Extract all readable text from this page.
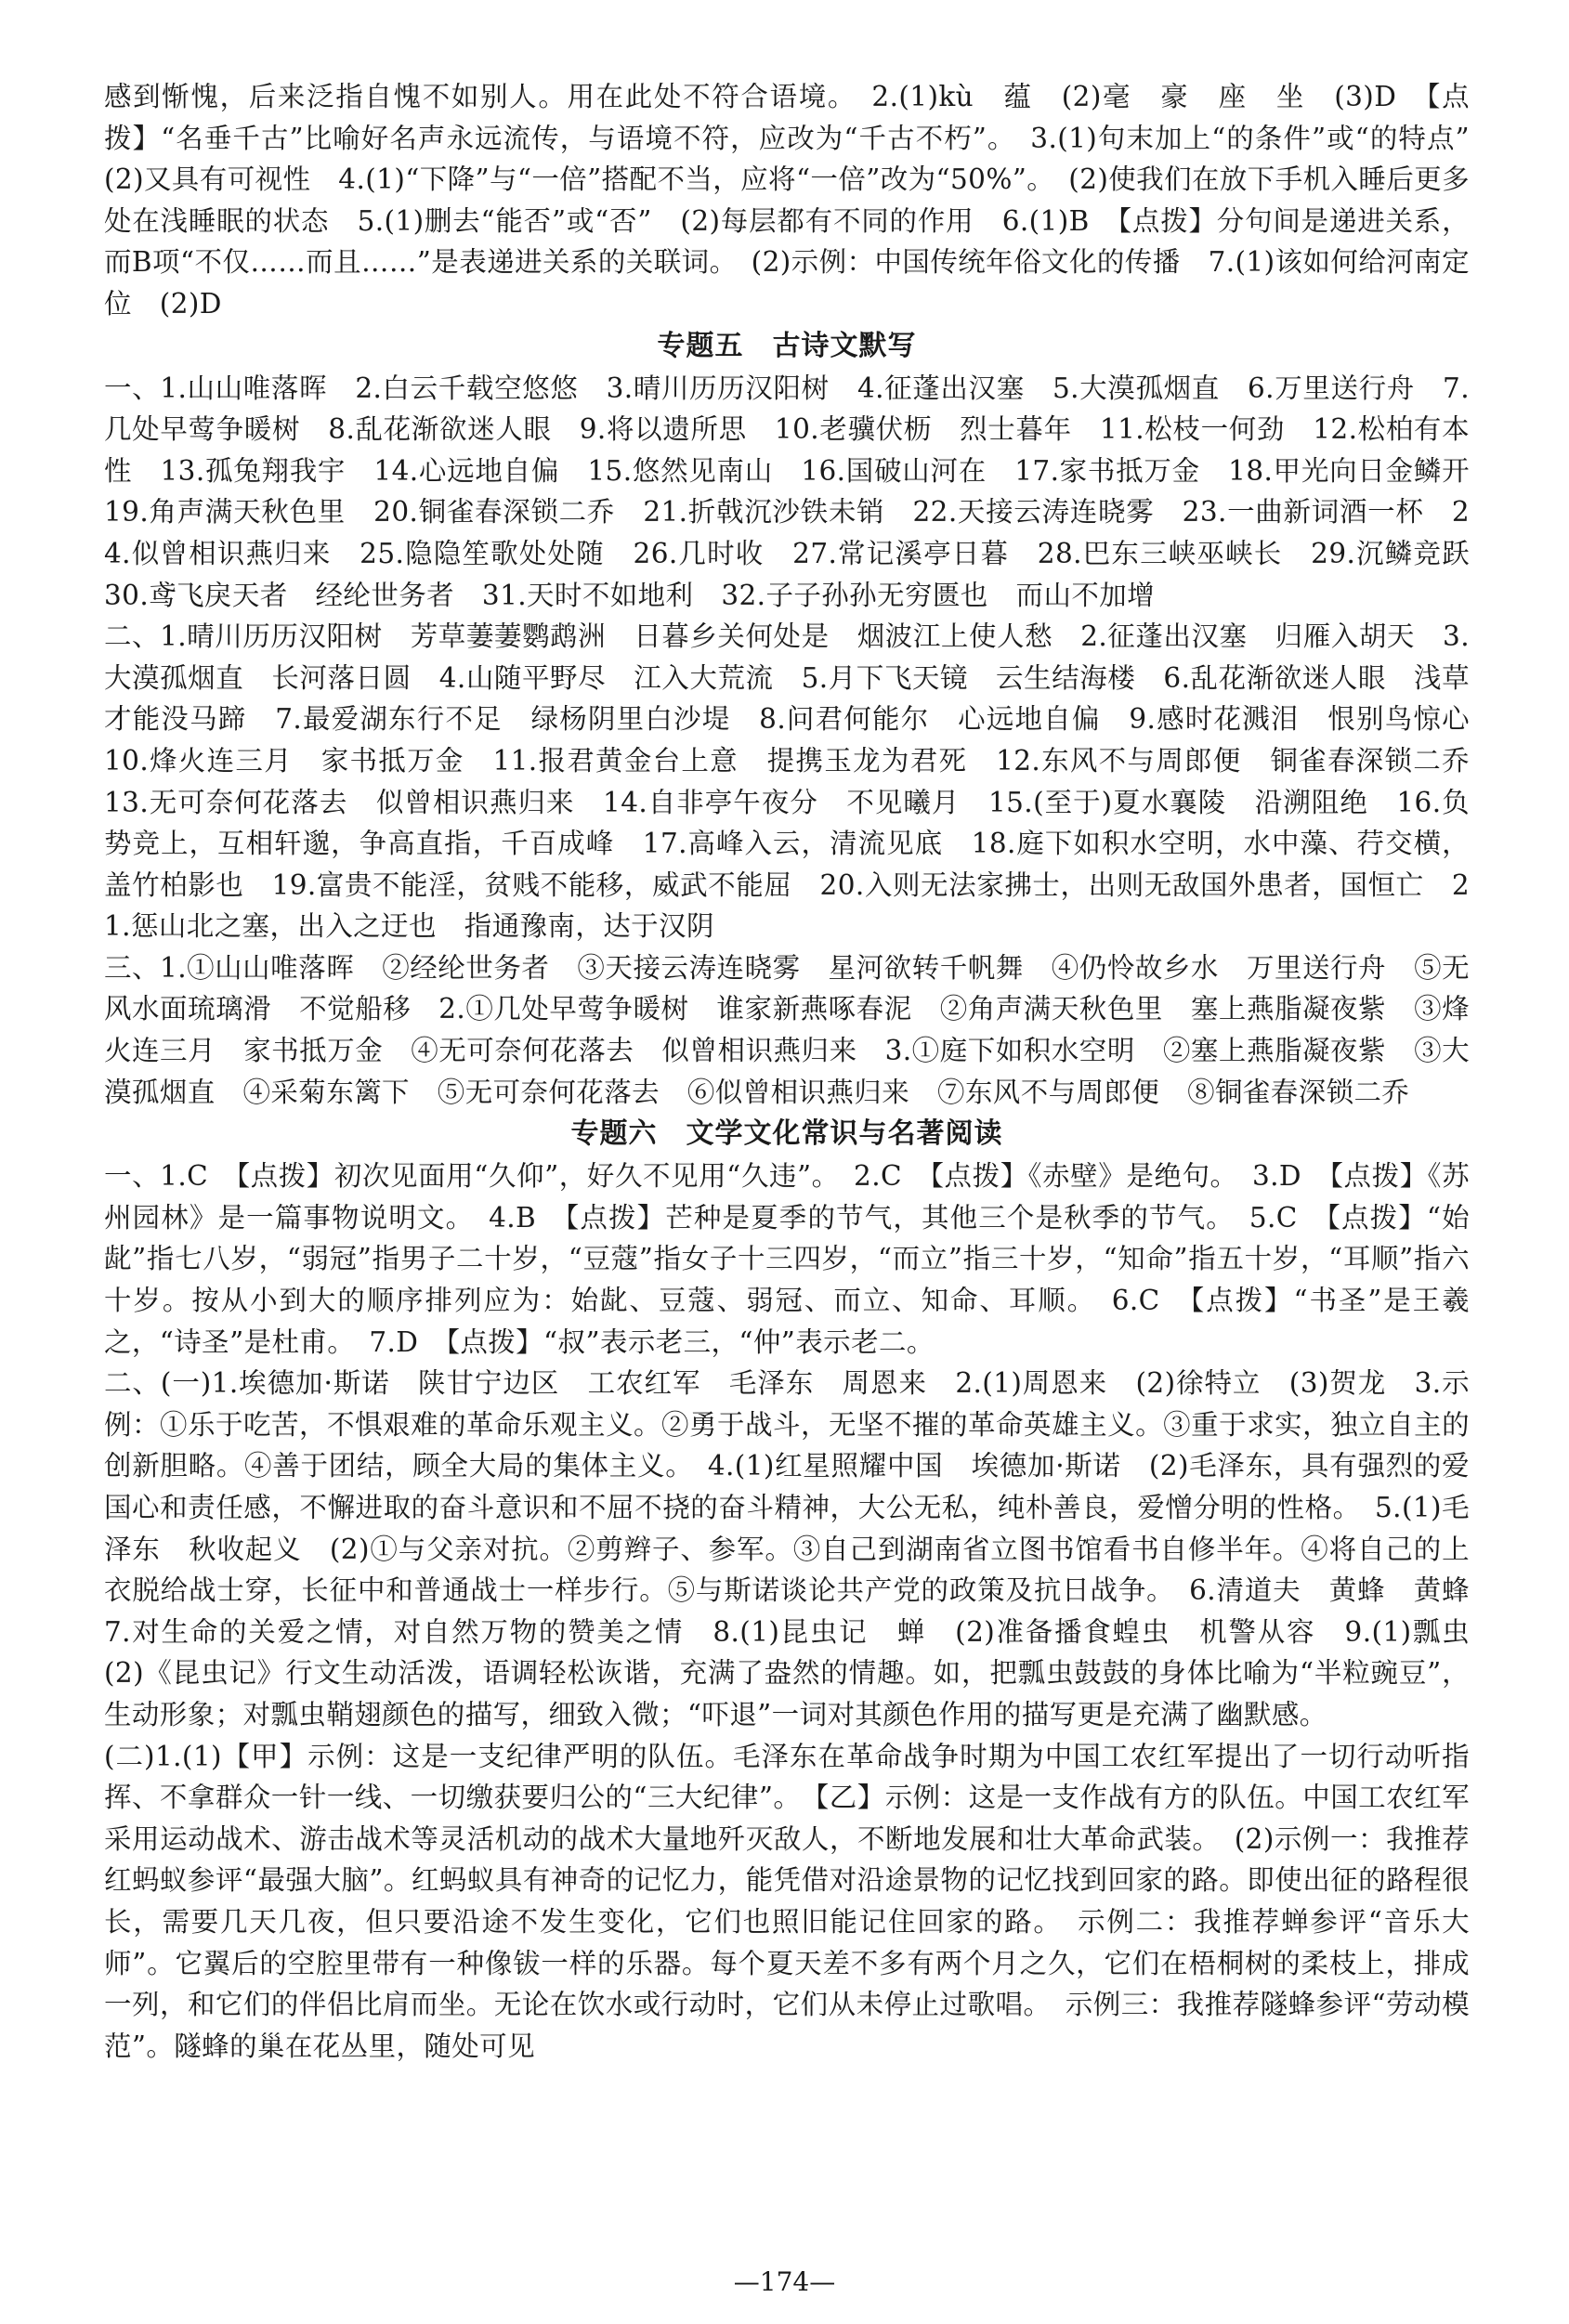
感到惭愧，后来泛指自愧不如别人。用在此处不符合语境。　2.(1)kù　蕴　(2)毫　豪　座　坐　(3)D　【点拨】“名垂千古”比喻好名声永远流传，与语境不符，应改为“千古不朽”。　3.(1)句末加上“的条件”或“的特点”　(2)又具有可视性　4.(1)“下降”与“一倍”搭配不当，应将“一倍”改为“50%”。　(2)使我们在放下手机入睡后更多处在浅睡眠的状态　5.(1)删去“能否”或“否”　(2)每层都有不同的作用　6.(1)B　【点拨】分句间是递进关系，而B项“不仅……而且……”是表递进关系的关联词。　(2)示例：中国传统年俗文化的传播　7.(1)该如何给河南定位　(2)D

专题五　古诗文默写

一、1.山山唯落晖　2.白云千载空悠悠　3.晴川历历汉阳树　4.征蓬出汉塞　5.大漠孤烟直　6.万里送行舟　7.几处早莺争暖树　8.乱花渐欲迷人眼　9.将以遗所思　10.老骥伏枥　烈士暮年　11.松枝一何劲　12.松柏有本性　13.孤兔翔我宇　14.心远地自偏　15.悠然见南山　16.国破山河在　17.家书抵万金　18.甲光向日金鳞开　19.角声满天秋色里　20.铜雀春深锁二乔　21.折戟沉沙铁未销　22.天接云涛连晓雾　23.一曲新词酒一杯　24.似曾相识燕归来　25.隐隐笙歌处处随　26.几时收　27.常记溪亭日暮　28.巴东三峡巫峡长　29.沉鳞竞跃　30.鸢飞戾天者　经纶世务者　31.天时不如地利　32.子子孙孙无穷匮也　而山不加增

二、1.晴川历历汉阳树　芳草萋萋鹦鹉洲　日暮乡关何处是　烟波江上使人愁　2.征蓬出汉塞　归雁入胡天　3.大漠孤烟直　长河落日圆　4.山随平野尽　江入大荒流　5.月下飞天镜　云生结海楼　6.乱花渐欲迷人眼　浅草才能没马蹄　7.最爱湖东行不足　绿杨阴里白沙堤　8.问君何能尔　心远地自偏　9.感时花溅泪　恨别鸟惊心　10.烽火连三月　家书抵万金　11.报君黄金台上意　提携玉龙为君死　12.东风不与周郎便　铜雀春深锁二乔　13.无可奈何花落去　似曾相识燕归来　14.自非亭午夜分　不见曦月　15.(至于)夏水襄陵　沿溯阻绝　16.负势竞上，互相轩邈，争高直指，千百成峰　17.高峰入云，清流见底　18.庭下如积水空明，水中藻、荇交横，盖竹柏影也　19.富贵不能淫，贫贱不能移，威武不能屈　20.入则无法家拂士，出则无敌国外患者，国恒亡　21.惩山北之塞，出入之迂也　指通豫南，达于汉阴

三、1.①山山唯落晖　②经纶世务者　③天接云涛连晓雾　星河欲转千帆舞　④仍怜故乡水　万里送行舟　⑤无风水面琉璃滑　不觉船移　2.①几处早莺争暖树　谁家新燕啄春泥　②角声满天秋色里　塞上燕脂凝夜紫　③烽火连三月　家书抵万金　④无可奈何花落去　似曾相识燕归来　3.①庭下如积水空明　②塞上燕脂凝夜紫　③大漠孤烟直　④采菊东篱下　⑤无可奈何花落去　⑥似曾相识燕归来　⑦东风不与周郎便　⑧铜雀春深锁二乔

专题六　文学文化常识与名著阅读

一、1.C　【点拨】初次见面用“久仰”，好久不见用“久违”。　2.C　【点拨】《赤壁》是绝句。　3.D　【点拨】《苏州园林》是一篇事物说明文。　4.B　【点拨】芒种是夏季的节气，其他三个是秋季的节气。　5.C　【点拨】“始龀”指七八岁，“弱冠”指男子二十岁，“豆蔻”指女子十三四岁，“而立”指三十岁，“知命”指五十岁，“耳顺”指六十岁。按从小到大的顺序排列应为：始龀、豆蔻、弱冠、而立、知命、耳顺。　6.C　【点拨】“书圣”是王羲之，“诗圣”是杜甫。　7.D　【点拨】“叔”表示老三，“仲”表示老二。

二、(一)1.埃德加·斯诺　陕甘宁边区　工农红军　毛泽东　周恩来　2.(1)周恩来　(2)徐特立　(3)贺龙　3.示例：①乐于吃苦，不惧艰难的革命乐观主义。②勇于战斗，无坚不摧的革命英雄主义。③重于求实，独立自主的创新胆略。④善于团结，顾全大局的集体主义。　4.(1)红星照耀中国　埃德加·斯诺　(2)毛泽东，具有强烈的爱国心和责任感，不懈进取的奋斗意识和不屈不挠的奋斗精神，大公无私，纯朴善良，爱憎分明的性格。　5.(1)毛泽东　秋收起义　(2)①与父亲对抗。②剪辫子、参军。③自己到湖南省立图书馆看书自修半年。④将自己的上衣脱给战士穿，长征中和普通战士一样步行。⑤与斯诺谈论共产党的政策及抗日战争。　6.清道夫　黄蜂　黄蜂　7.对生命的关爱之情，对自然万物的赞美之情　8.(1)昆虫记　蝉　(2)准备播食蝗虫　机警从容　9.(1)瓢虫　(2)《昆虫记》行文生动活泼，语调轻松诙谐，充满了盎然的情趣。如，把瓢虫鼓鼓的身体比喻为“半粒豌豆”，生动形象；对瓢虫鞘翅颜色的描写，细致入微；“吓退”一词对其颜色作用的描写更是充满了幽默感。

(二)1.(1)【甲】示例：这是一支纪律严明的队伍。毛泽东在革命战争时期为中国工农红军提出了一切行动听指挥、不拿群众一针一线、一切缴获要归公的“三大纪律”。　【乙】示例：这是一支作战有方的队伍。中国工农红军采用运动战术、游击战术等灵活机动的战术大量地歼灭敌人，不断地发展和壮大革命武装。　(2)示例一：我推荐红蚂蚁参评“最强大脑”。红蚂蚁具有神奇的记忆力，能凭借对沿途景物的记忆找到回家的路。即使出征的路程很长，需要几天几夜，但只要沿途不发生变化，它们也照旧能记住回家的路。　示例二：我推荐蝉参评“音乐大师”。它翼后的空腔里带有一种像钹一样的乐器。每个夏天差不多有两个月之久，它们在梧桐树的柔枝上，排成一列，和它们的伴侣比肩而坐。无论在饮水或行动时，它们从未停止过歌唱。　示例三：我推荐隧蜂参评“劳动模范”。隧蜂的巢在花丛里，随处可见

—174—
